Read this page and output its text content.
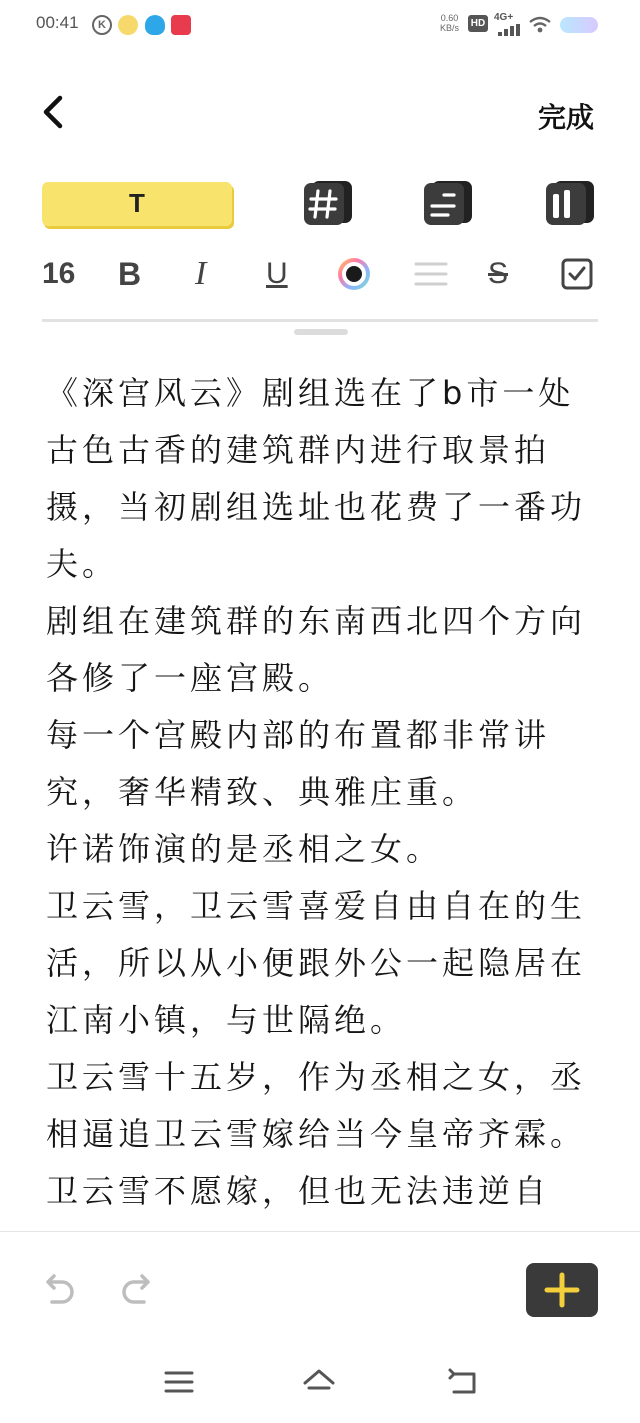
00:41	K
0.60
KB/s HD
4G+
完成
T
16 B I	U	S

《深宫风云》剧组选在了b市一处古色古香的建筑群内进行取景拍摄，当初剧组选址也花费了一番功夫。

剧组在建筑群的东南西北四个方向各修了一座宫殿。

每一个宫殿内部的布置都非常讲究，奢华精致、典雅庄重。

许诺饰演的是丞相之女。

卫云雪，卫云雪喜爱自由自在的生活，所以从小便跟外公一起隐居在江南小镇，与世隔绝。

卫云雪十五岁，作为丞相之女，丞相逼追卫云雪嫁给当今皇帝齐霖。

卫云雪不愿嫁，但也无法违逆自
